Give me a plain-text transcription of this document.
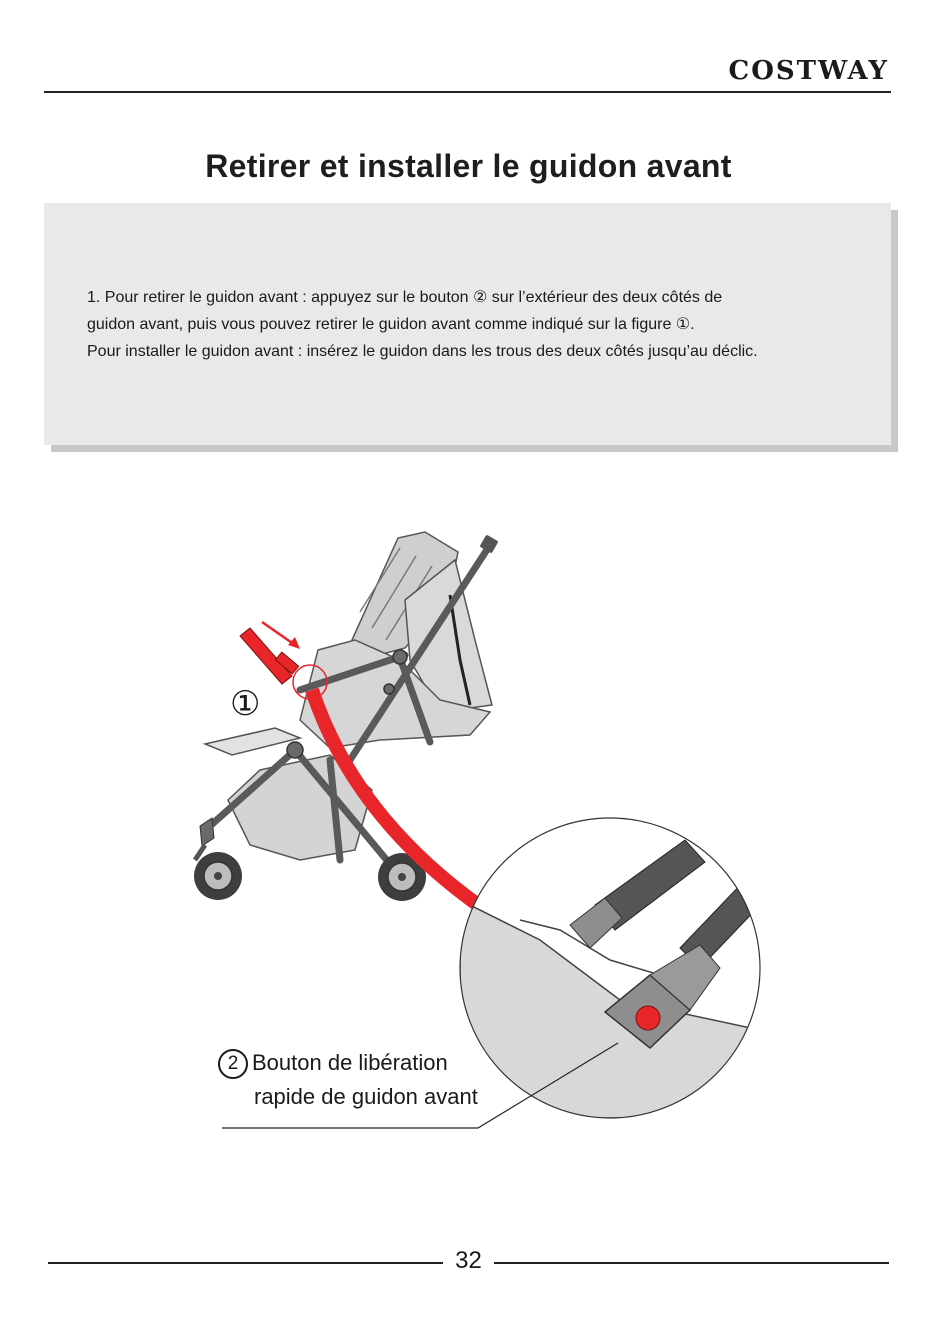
COSTWAY
Retirer et installer le guidon avant

1. Pour retirer le guidon avant : appuyez sur le bouton ② sur l’extérieur des deux côtés de

guidon avant, puis vous pouvez retirer le guidon avant comme indiqué sur la figure ①.

Pour installer le guidon avant : insérez le guidon dans les trous des deux côtés jusqu’au déclic.

①
2 Bouton de libération
rapide de guidon avant
32
